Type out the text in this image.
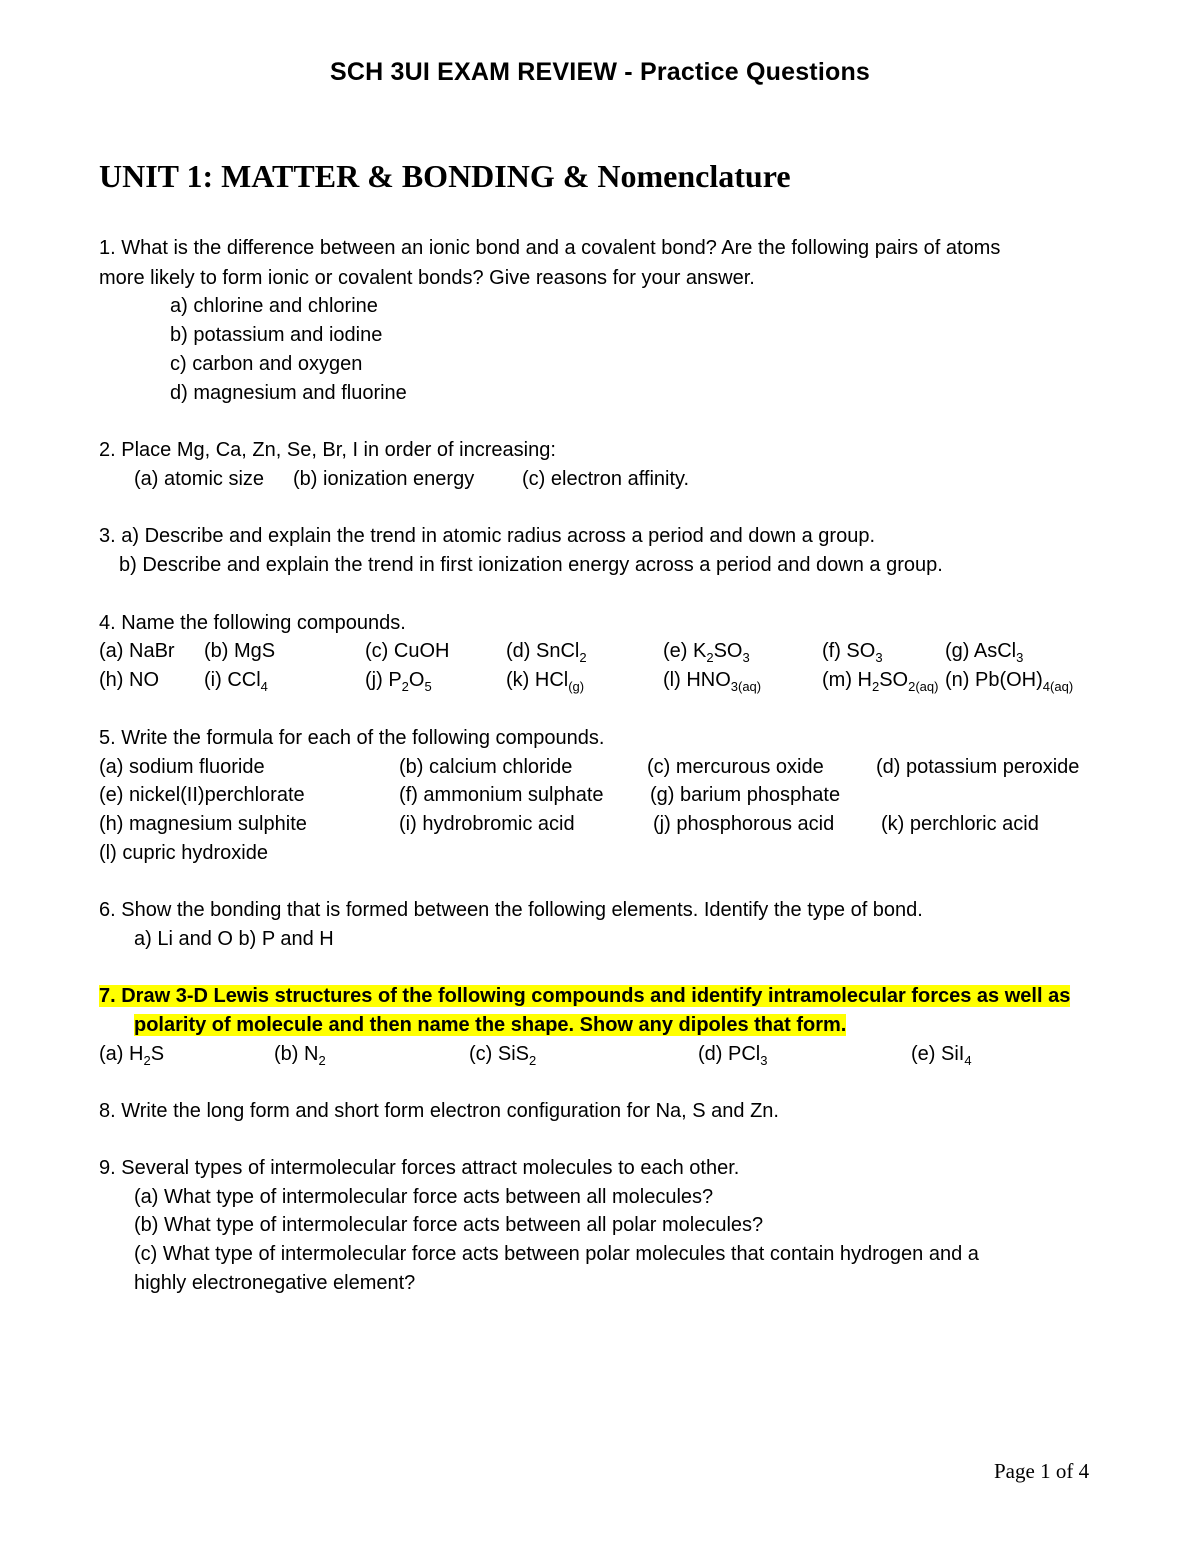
SCH 3UI EXAM REVIEW - Practice Questions
UNIT 1: MATTER & BONDING & Nomenclature
1. What is the difference between an ionic bond and a covalent bond? Are the following pairs of atoms
more likely to form ionic or covalent bonds? Give reasons for your answer.
a) chlorine and chlorine
b) potassium and iodine
c) carbon and oxygen
d) magnesium and fluorine
2. Place Mg, Ca, Zn, Se, Br, I in order of increasing:
(a) atomic size (b) ionization energy (c) electron affinity.
3. a) Describe and explain the trend in atomic radius across a period and down a group.
b) Describe and explain the trend in first ionization energy across a period and down a group.
4. Name the following compounds.
(a) NaBr (b) MgS	(c) CuOH	(d) SnCl$_2$	(e) $K_2SO_3$	(f) $SO_3$	(g) AsCl$_3$
(h) NO (i) CCl$_4$	(j) $P_2O_5$	(k) HCl$_{(g)}$	(l) $HNO_{3(aq)}$	(m) $H_2SO_{2(aq)}$ (n) $Pb(OH)_{4(aq)}$
5. Write the formula for each of the following compounds.
(a) sodium fluoride	(b) calcium chloride	(c) mercurous oxide	(d) potassium peroxide
(e) nickel(II)perchlorate	(f) ammonium sulphate (g) barium phosphate
(h) magnesium sulphite	(i) hydrobromic acid	(j) phosphorous acid (k) perchloric acid
(l) cupric hydroxide
6. Show the bonding that is formed between the following elements. Identify the type of bond.
a) Li and O b) P and H
7. Draw 3-D Lewis structures of the following compounds and identify intramolecular forces as well as
polarity of molecule and then name the shape. Show any dipoles that form.
(a) $H_2S$	(b) $N_2$	(c) SiS$_2$	(d) PCl$_3$	(e) SiI$_4$
8. Write the long form and short form electron configuration for Na, S and Zn.
9. Several types of intermolecular forces attract molecules to each other.
(a) What type of intermolecular force acts between all molecules?
(b) What type of intermolecular force acts between all polar molecules?
(c) What type of intermolecular force acts between polar molecules that contain hydrogen and a
highly electronegative element?
Page 1 of 4
